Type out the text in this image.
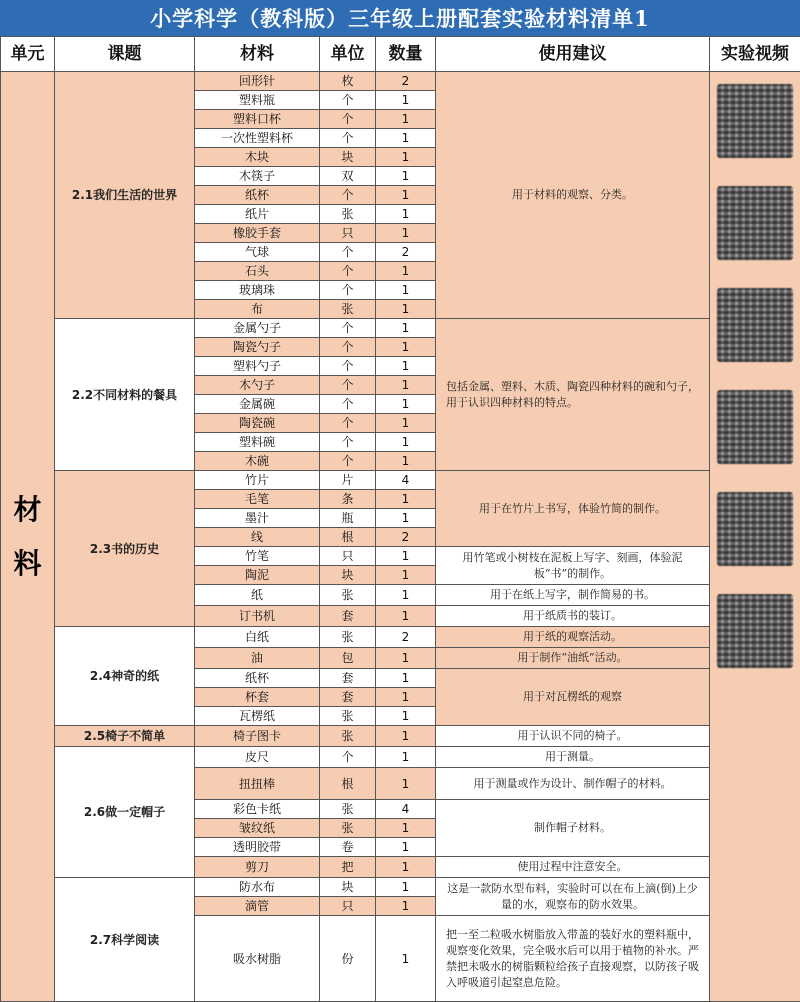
小学科学（教科版）三年级上册配套实验材料清单1
单元	课题	材料	单位	数量	使用建议	实验视频
材料	2.1我们生活的世界	回形针	枚	2	用于材料的观察、分类。	

		塑料瓶	个	1		
		塑料口杯	个	1		
		一次性塑料杯	个	1		
		木块	块	1		
		木筷子	双	1		
		纸杯	个	1		
		纸片	张	1		
		橡胶手套	只	1		
		气球	个	2		
		石头	个	1		
		玻璃珠	个	1		
		布	张	1		
	2.2不同材料的餐具	金属勺子	个	1	包括金属、塑料、木质、陶瓷四种材料的碗和勺子，用于认识四种材料的特点。	
		陶瓷勺子	个	1		
		塑料勺子	个	1		
		木勺子	个	1		
		金属碗	个	1		
		陶瓷碗	个	1		
		塑料碗	个	1		
		木碗	个	1		
	2.3书的历史	竹片	片	4	用于在竹片上书写，体验竹简的制作。	
		毛笔	条	1		
		墨汁	瓶	1		
		线	根	2		
		竹笔	只	1	用竹笔或小树枝在泥板上写字、刻画，体验泥板“书”的制作。	
		陶泥	块	1		
		纸	张	1	用于在纸上写字，制作简易的书。	
		订书机	套	1	用于纸质书的装订。	
	2.4神奇的纸	白纸	张	2	用于纸的观察活动。	
		油	包	1	用于制作“油纸”活动。	
		纸杯	套	1	用于对瓦楞纸的观察	
		杯套	套	1		
		瓦楞纸	张	1		
	2.5椅子不简单	椅子图卡	张	1	用于认识不同的椅子。	
	2.6做一定帽子	皮尺	个	1	用于测量。	
		扭扭棒	根	1	用于测量或作为设计、制作帽子的材料。	
		彩色卡纸	张	4	制作帽子材料。	
		皱纹纸	张	1		
		透明胶带	卷	1		
		剪刀	把	1	使用过程中注意安全。	
	2.7科学阅读	防水布	块	1	这是一款防水型布料，实验时可以在布上滴(倒)上少量的水，观察布的防水效果。	
		滴管	只	1		
		吸水树脂	份	1	把一至二粒吸水树脂放入带盖的装好水的塑料瓶中，观察变化效果，完全吸水后可以用于植物的补水。严禁把未吸水的树脂颗粒给孩子直接观察，以防孩子吸入呼吸道引起窒息危险。	
